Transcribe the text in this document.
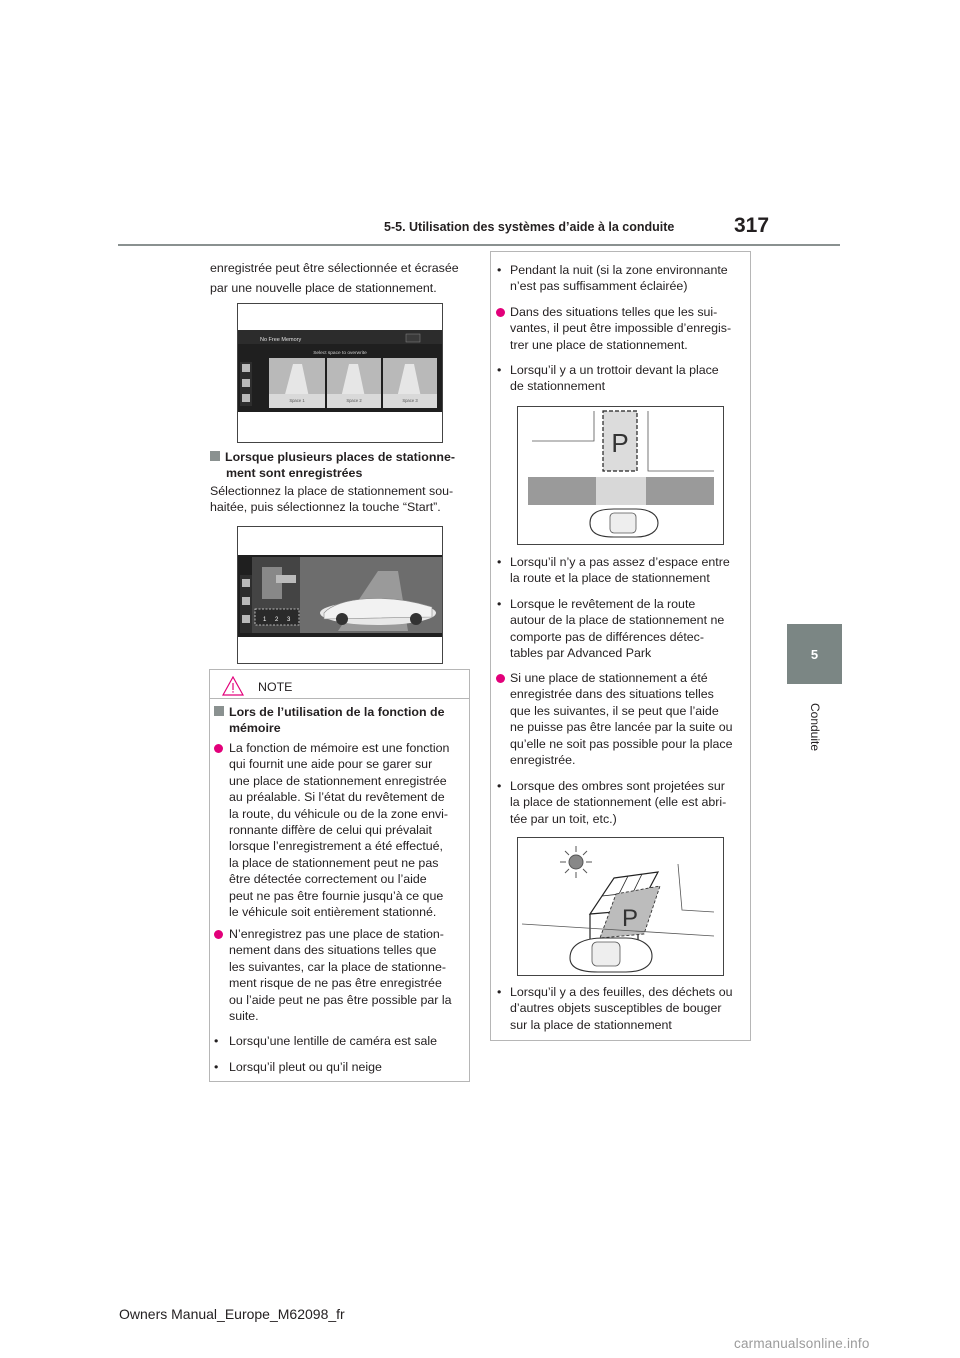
5-5. Utilisation des systèmes d’aide à la conduite	317
5
Conduite
enregistrée peut être sélectionnée et écrasée
par une nouvelle place de stationnement.
No Free Memory
Select space to overwrite
Space 1	Space 2	Space 3
Lorsque plusieurs places de stationne-
ment sont enregistrées
Sélectionnez la place de stationnement sou-
haitée, puis sélectionnez la touche “Start”.
1 2 3
NOTE
Lors de l’utilisation de la fonction de
mémoire
La fonction de mémoire est une fonction
qui fournit une aide pour se garer sur
une place de stationnement enregistrée
au préalable. Si l’état du revêtement de
la route, du véhicule ou de la zone envi-
ronnante diffère de celui qui prévalait
lorsque l’enregistrement a été effectué,
la place de stationnement peut ne pas
être détectée correctement ou l’aide
peut ne pas être fournie jusqu’à ce que
le véhicule soit entièrement stationné.
N’enregistrez pas une place de station-
nement dans des situations telles que
les suivantes, car la place de stationne-
ment risque de ne pas être enregistrée
ou l’aide peut ne pas être possible par la
suite.
• Lorsqu’une lentille de caméra est sale
• Lorsqu’il pleut ou qu’il neige
• Pendant la nuit (si la zone environnante
n’est pas suffisamment éclairée)
Dans des situations telles que les sui-
vantes, il peut être impossible d’enregis-
trer une place de stationnement.
• Lorsqu’il y a un trottoir devant la place
de stationnement
P
• Lorsqu’il n’y a pas assez d’espace entre
la route et la place de stationnement
• Lorsque le revêtement de la route
autour de la place de stationnement ne
comporte pas de différences détec-
tables par Advanced Park
Si une place de stationnement a été
enregistrée dans des situations telles
que les suivantes, il se peut que l’aide
ne puisse pas être lancée par la suite ou
qu’elle ne soit pas possible pour la place
enregistrée.
• Lorsque des ombres sont projetées sur
la place de stationnement (elle est abri-
tée par un toit, etc.)
P
• Lorsqu’il y a des feuilles, des déchets ou
d’autres objets susceptibles de bouger
sur la place de stationnement
Owners Manual_Europe_M62098_fr
carmanualsonline.info
